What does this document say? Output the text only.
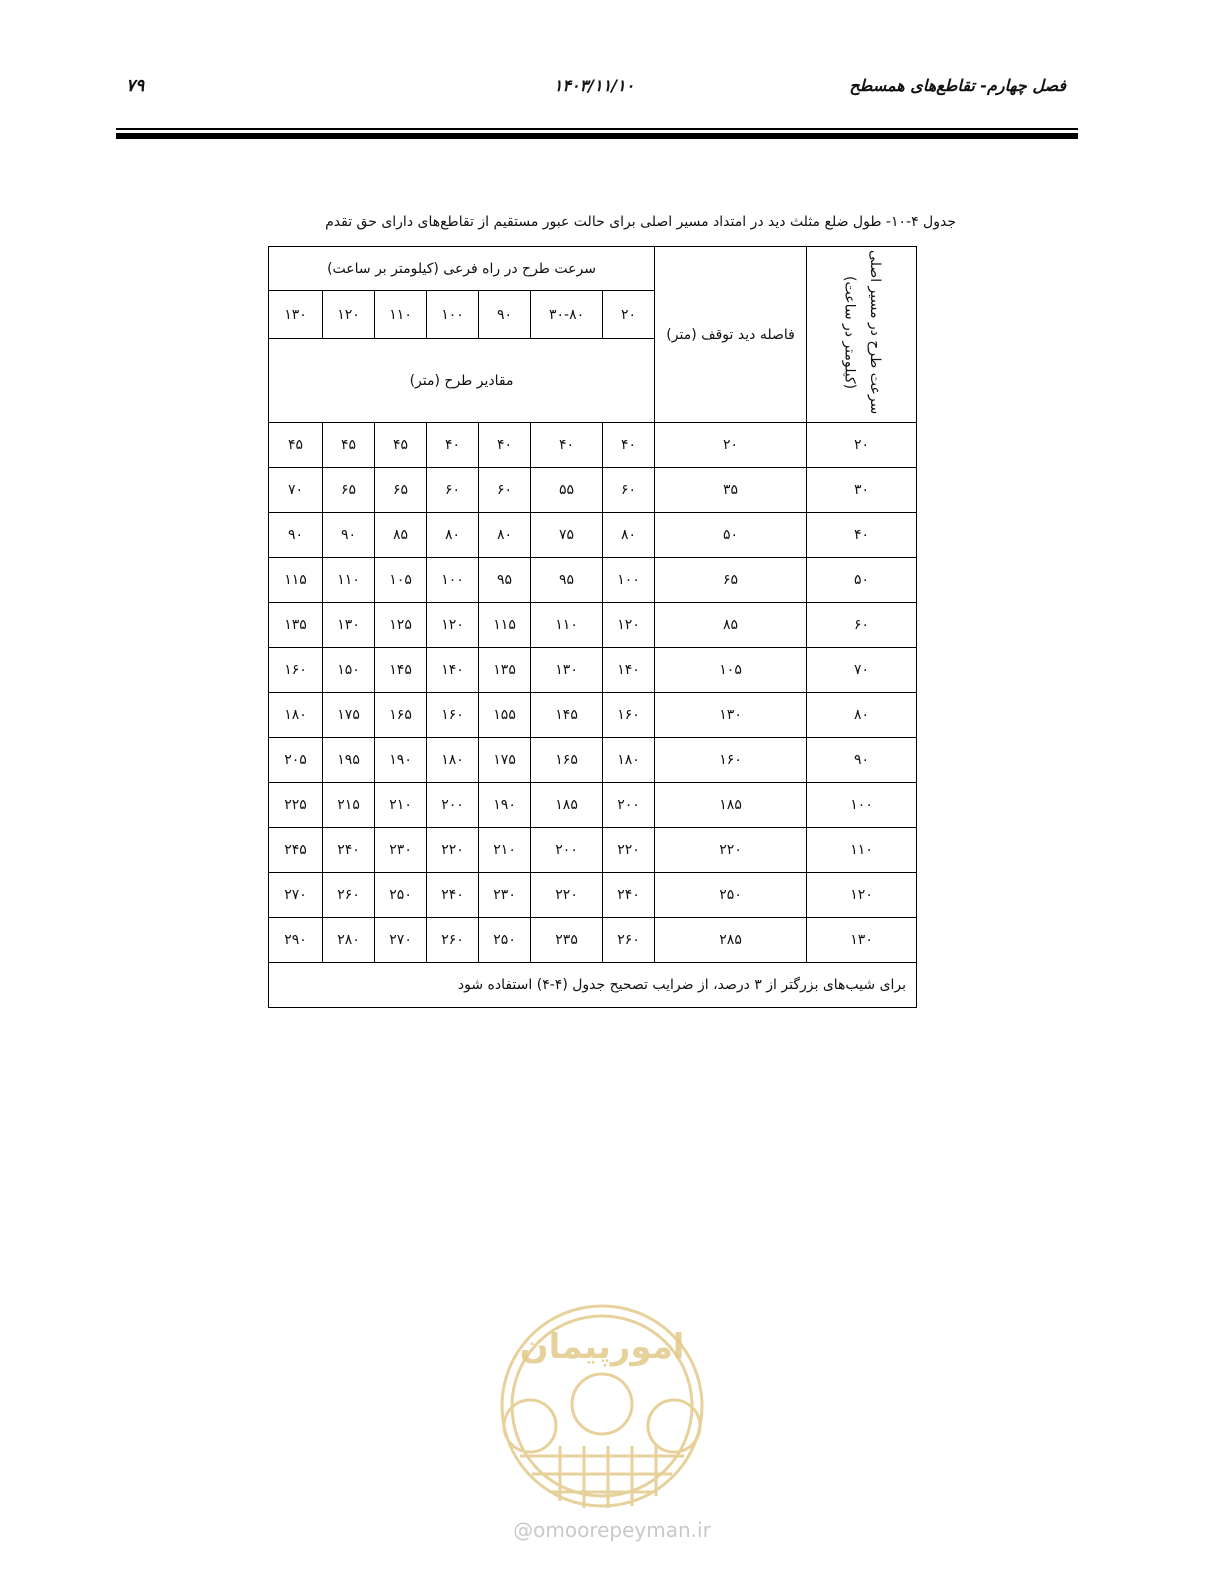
۷۹	۱۴۰۳/۱۱/۱۰	فصل چهارم- تقاطع‌های همسطح
جدول ۴-۱۰- طول ضلع مثلث دید در امتداد مسیر اصلی برای حالت عبور مستقیم از تقاطع‌های دارای حق تقدم
سرعت طرح در مسیر اصلی
(کیلومتر در ساعت)	فاصله دید توقف (متر)	سرعت طرح در راه فرعی (کیلومتر بر ساعت)						
		۲۰	۳۰-۸۰	۹۰	۱۰۰	۱۱۰	۱۲۰	۱۳۰
		مقادیر طرح (متر)						
۲۰	۲۰	۴۰	۴۰	۴۰	۴۰	۴۵	۴۵	۴۵
۳۰	۳۵	۶۰	۵۵	۶۰	۶۰	۶۵	۶۵	۷۰
۴۰	۵۰	۸۰	۷۵	۸۰	۸۰	۸۵	۹۰	۹۰
۵۰	۶۵	۱۰۰	۹۵	۹۵	۱۰۰	۱۰۵	۱۱۰	۱۱۵
۶۰	۸۵	۱۲۰	۱۱۰	۱۱۵	۱۲۰	۱۲۵	۱۳۰	۱۳۵
۷۰	۱۰۵	۱۴۰	۱۳۰	۱۳۵	۱۴۰	۱۴۵	۱۵۰	۱۶۰
۸۰	۱۳۰	۱۶۰	۱۴۵	۱۵۵	۱۶۰	۱۶۵	۱۷۵	۱۸۰
۹۰	۱۶۰	۱۸۰	۱۶۵	۱۷۵	۱۸۰	۱۹۰	۱۹۵	۲۰۵
۱۰۰	۱۸۵	۲۰۰	۱۸۵	۱۹۰	۲۰۰	۲۱۰	۲۱۵	۲۲۵
۱۱۰	۲۲۰	۲۲۰	۲۰۰	۲۱۰	۲۲۰	۲۳۰	۲۴۰	۲۴۵
۱۲۰	۲۵۰	۲۴۰	۲۲۰	۲۳۰	۲۴۰	۲۵۰	۲۶۰	۲۷۰
۱۳۰	۲۸۵	۲۶۰	۲۳۵	۲۵۰	۲۶۰	۲۷۰	۲۸۰	۲۹۰
برای شیب‌های بزرگتر از ۳ درصد، از ضرایب تصحیح جدول (۴-۴) استفاده شود								
امورپیمان
@omoorepeyman.ir
